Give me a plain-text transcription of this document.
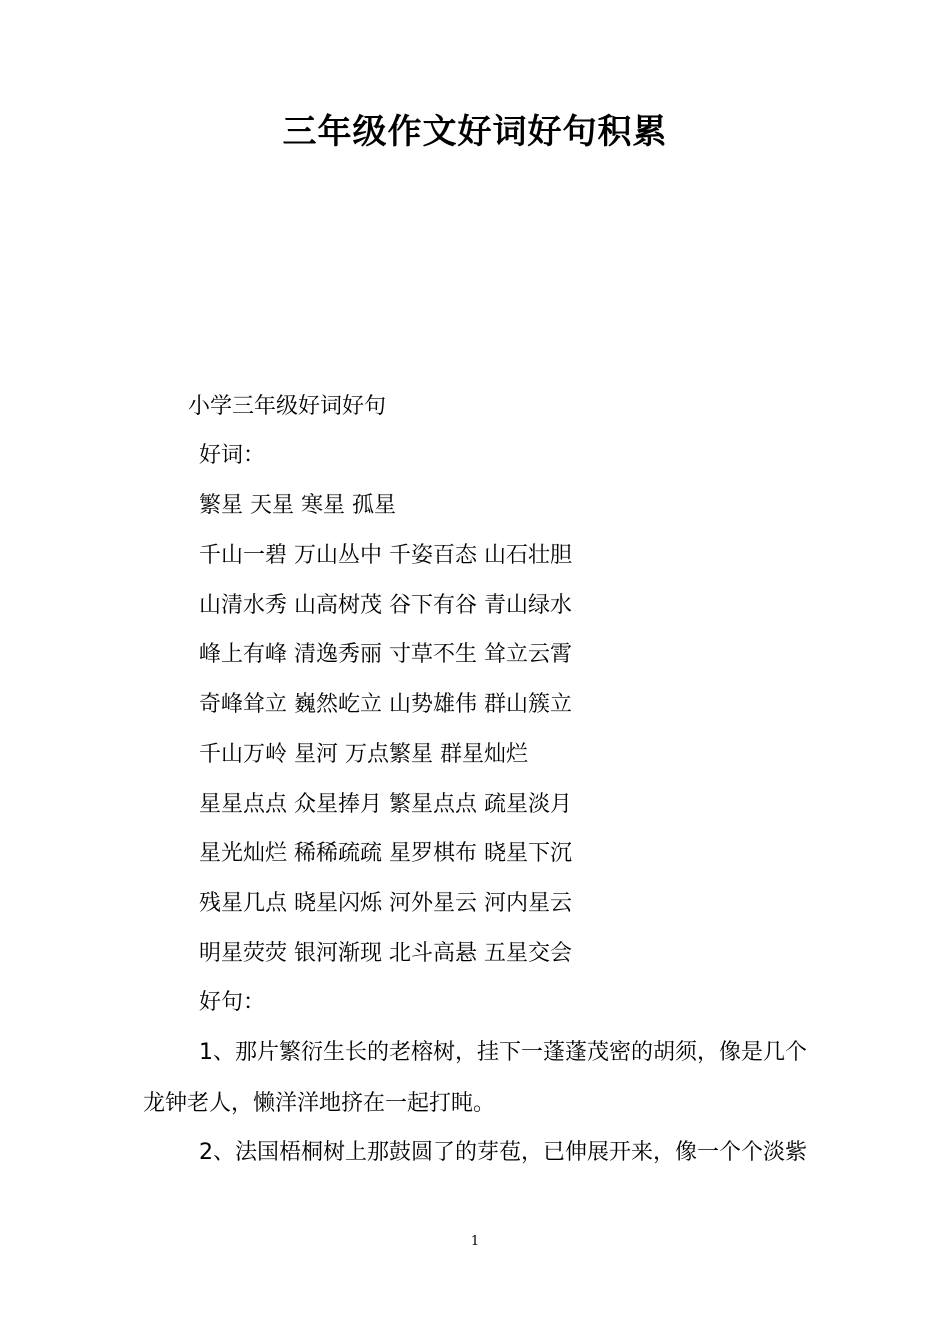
三年级作文好词好句积累
小学三年级好词好句
好词：
繁星 天星 寒星 孤星
千山一碧 万山丛中 千姿百态 山石壮胆
山清水秀 山高树茂 谷下有谷 青山绿水
峰上有峰 清逸秀丽 寸草不生 耸立云霄
奇峰耸立 巍然屹立 山势雄伟 群山簇立
千山万岭 星河 万点繁星 群星灿烂
星星点点 众星捧月 繁星点点 疏星淡月
星光灿烂 稀稀疏疏 星罗棋布 晓星下沉
残星几点 晓星闪烁 河外星云 河内星云
明星荧荧 银河渐现 北斗高悬 五星交会
好句：
1、那片繁衍生长的老榕树，挂下一蓬蓬茂密的胡须，像是几个
龙钟老人，懒洋洋地挤在一起打盹。
2、法国梧桐树上那鼓圆了的芽苞，已伸展开来，像一个个淡紫
1
